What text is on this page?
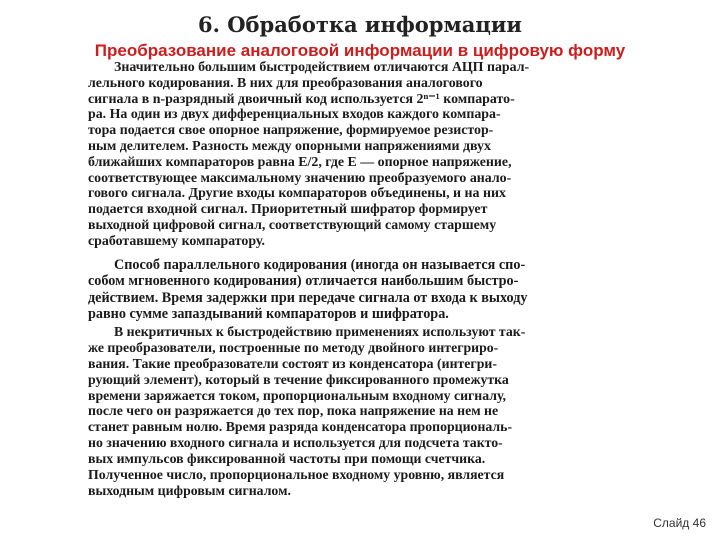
6. Обработка информации
Преобразование аналоговой информации в цифровую форму

Значительно большим быстродействием отличаются АЦП парал-
лельного кодирования. В них для преобразования аналогового
сигнала в n-разрядный двоичный код используется 2ⁿ⁻¹ компарато-
ра. На один из двух дифференциальных входов каждого компара-
тора подается свое опорное напряжение, формируемое резистор-
ным делителем. Разность между опорными напряжениями двух
ближайших компараторов равна E/2, где E — опорное напряжение,
соответствующее максимальному значению преобразуемого анало-
гового сигнала. Другие входы компараторов объединены, и на них
подается входной сигнал. Приоритетный шифратор формирует
выходной цифровой сигнал, соответствующий самому старшему
сработавшему компаратору.

Способ параллельного кодирования (иногда он называется спо-
собом мгновенного кодирования) отличается наибольшим быстро-
действием. Время задержки при передаче сигнала от входа к выходу
равно сумме запаздываний компараторов и шифратора.

В некритичных к быстродействию применениях используют так-
же преобразователи, построенные по методу двойного интегриро-
вания. Такие преобразователи состоят из конденсатора (интегри-
рующий элемент), который в течение фиксированного промежутка
времени заряжается током, пропорциональным входному сигналу,
после чего он разряжается до тех пор, пока напряжение на нем не
станет равным нолю. Время разряда конденсатора пропорциональ-
но значению входного сигнала и используется для подсчета такто-
вых импульсов фиксированной частоты при помощи счетчика.
Полученное число, пропорциональное входному уровню, является
выходным цифровым сигналом.

Слайд 46
